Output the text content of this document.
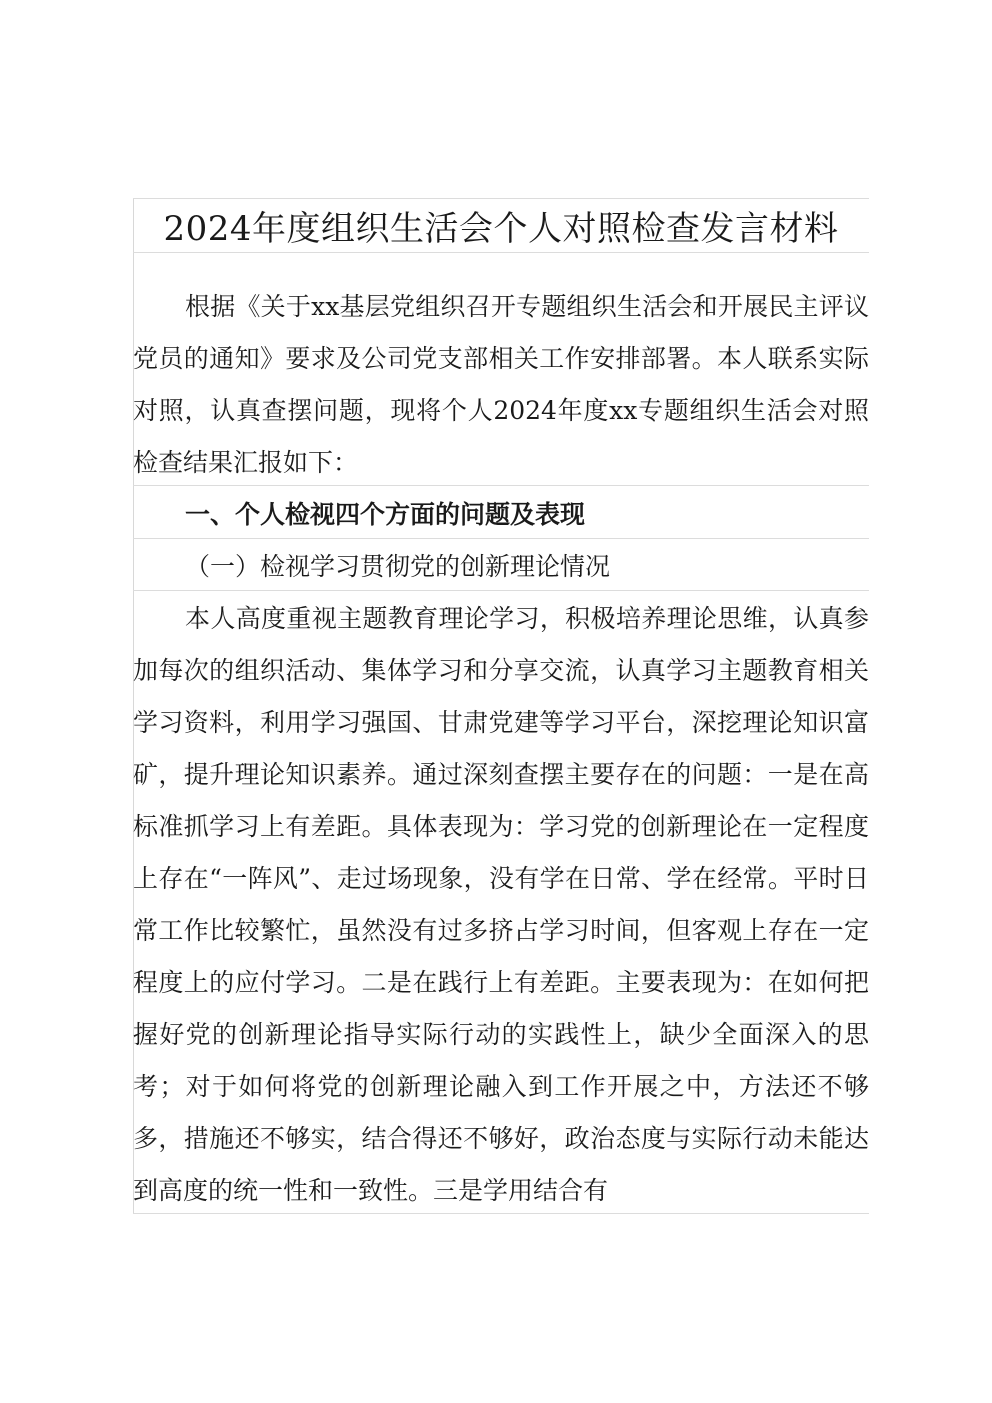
2024年度组织生活会个人对照检查发言材料

根据《关于xx基层党组织召开专题组织生活会和开展民主评议党员的通知》要求及公司党支部相关工作安排部署。本人联系实际对照，认真查摆问题，现将个人2024年度xx专题组织生活会对照检查结果汇报如下：

一、个人检视四个方面的问题及表现
（一）检视学习贯彻党的创新理论情况

本人高度重视主题教育理论学习，积极培养理论思维，认真参加每次的组织活动、集体学习和分享交流，认真学习主题教育相关学习资料，利用学习强国、甘肃党建等学习平台，深挖理论知识富矿，提升理论知识素养。通过深刻查摆主要存在的问题：一是在高标准抓学习上有差距。具体表现为：学习党的创新理论在一定程度上存在“一阵风”、走过场现象，没有学在日常、学在经常。平时日常工作比较繁忙，虽然没有过多挤占学习时间，但客观上存在一定程度上的应付学习。二是在践行上有差距。主要表现为：在如何把握好党的创新理论指导实际行动的实践性上，缺少全面深入的思考；对于如何将党的创新理论融入到工作开展之中，方法还不够多，措施还不够实，结合得还不够好，政治态度与实际行动未能达到高度的统一性和一致性。三是学用结合有
